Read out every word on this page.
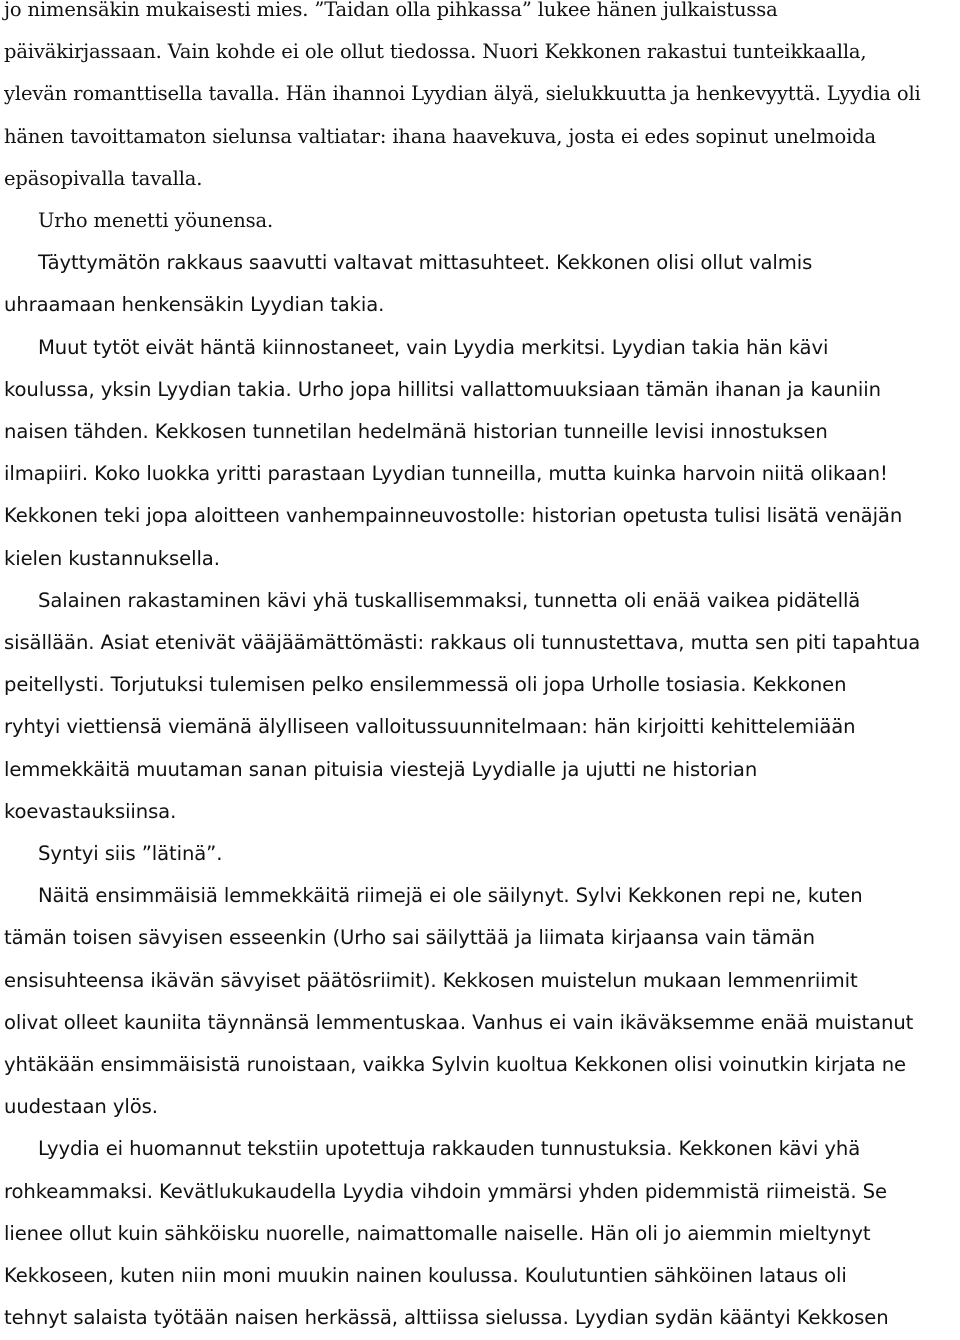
jo nimensäkin mukaisesti mies. ”Taidan olla pihkassa” lukee hänen julkaistussa

päiväkirjassaan. Vain kohde ei ole ollut tiedossa. Nuori Kekkonen rakastui tunteikkaalla,

ylevän romanttisella tavalla. Hän ihannoi Lyydian älyä, sielukkuutta ja henkevyyttä. Lyydia oli

hänen tavoittamaton sielunsa valtiatar: ihana haavekuva, josta ei edes sopinut unelmoida

epäsopivalla tavalla.

Urho menetti yöunensa.

Täyttymätön rakkaus saavutti valtavat mittasuhteet. Kekkonen olisi ollut valmis

uhraamaan henkensäkin Lyydian takia.

Muut tytöt eivät häntä kiinnostaneet, vain Lyydia merkitsi. Lyydian takia hän kävi

koulussa, yksin Lyydian takia. Urho jopa hillitsi vallattomuuksiaan tämän ihanan ja kauniin

naisen tähden. Kekkosen tunnetilan hedelmänä historian tunneille levisi innostuksen

ilmapiiri. Koko luokka yritti parastaan Lyydian tunneilla, mutta kuinka harvoin niitä olikaan!

Kekkonen teki jopa aloitteen vanhempainneuvostolle: historian opetusta tulisi lisätä venäjän

kielen kustannuksella.

Salainen rakastaminen kävi yhä tuskallisemmaksi, tunnetta oli enää vaikea pidätellä

sisällään. Asiat etenivät vääjäämättömästi: rakkaus oli tunnustettava, mutta sen piti tapahtua

peitellysti. Torjutuksi tulemisen pelko ensilemmessä oli jopa Urholle tosiasia. Kekkonen

ryhtyi viettiensä viemänä älylliseen valloitussuunnitelmaan: hän kirjoitti kehittelemiään

lemmekkäitä muutaman sanan pituisia viestejä Lyydialle ja ujutti ne historian

koevastauksiinsa.

Syntyi siis ”lätinä”.

Näitä ensimmäisiä lemmekkäitä riimejä ei ole säilynyt. Sylvi Kekkonen repi ne, kuten

tämän toisen sävyisen esseenkin (Urho sai säilyttää ja liimata kirjaansa vain tämän

ensisuhteensa ikävän sävyiset päätösriimit). Kekkosen muistelun mukaan lemmenriimit

olivat olleet kauniita täynnänsä lemmentuskaa. Vanhus ei vain ikäväksemme enää muistanut

yhtäkään ensimmäisistä runoistaan, vaikka Sylvin kuoltua Kekkonen olisi voinutkin kirjata ne

uudestaan ylös.

Lyydia ei huomannut tekstiin upotettuja rakkauden tunnustuksia. Kekkonen kävi yhä

rohkeammaksi. Kevätlukukaudella Lyydia vihdoin ymmärsi yhden pidemmistä riimeistä. Se

lienee ollut kuin sähköisku nuorelle, naimattomalle naiselle. Hän oli jo aiemmin mieltynyt

Kekkoseen, kuten niin moni muukin nainen koulussa. Koulutuntien sähköinen lataus oli

tehnyt salaista työtään naisen herkässä, alttiissa sielussa. Lyydian sydän kääntyi Kekkosen
